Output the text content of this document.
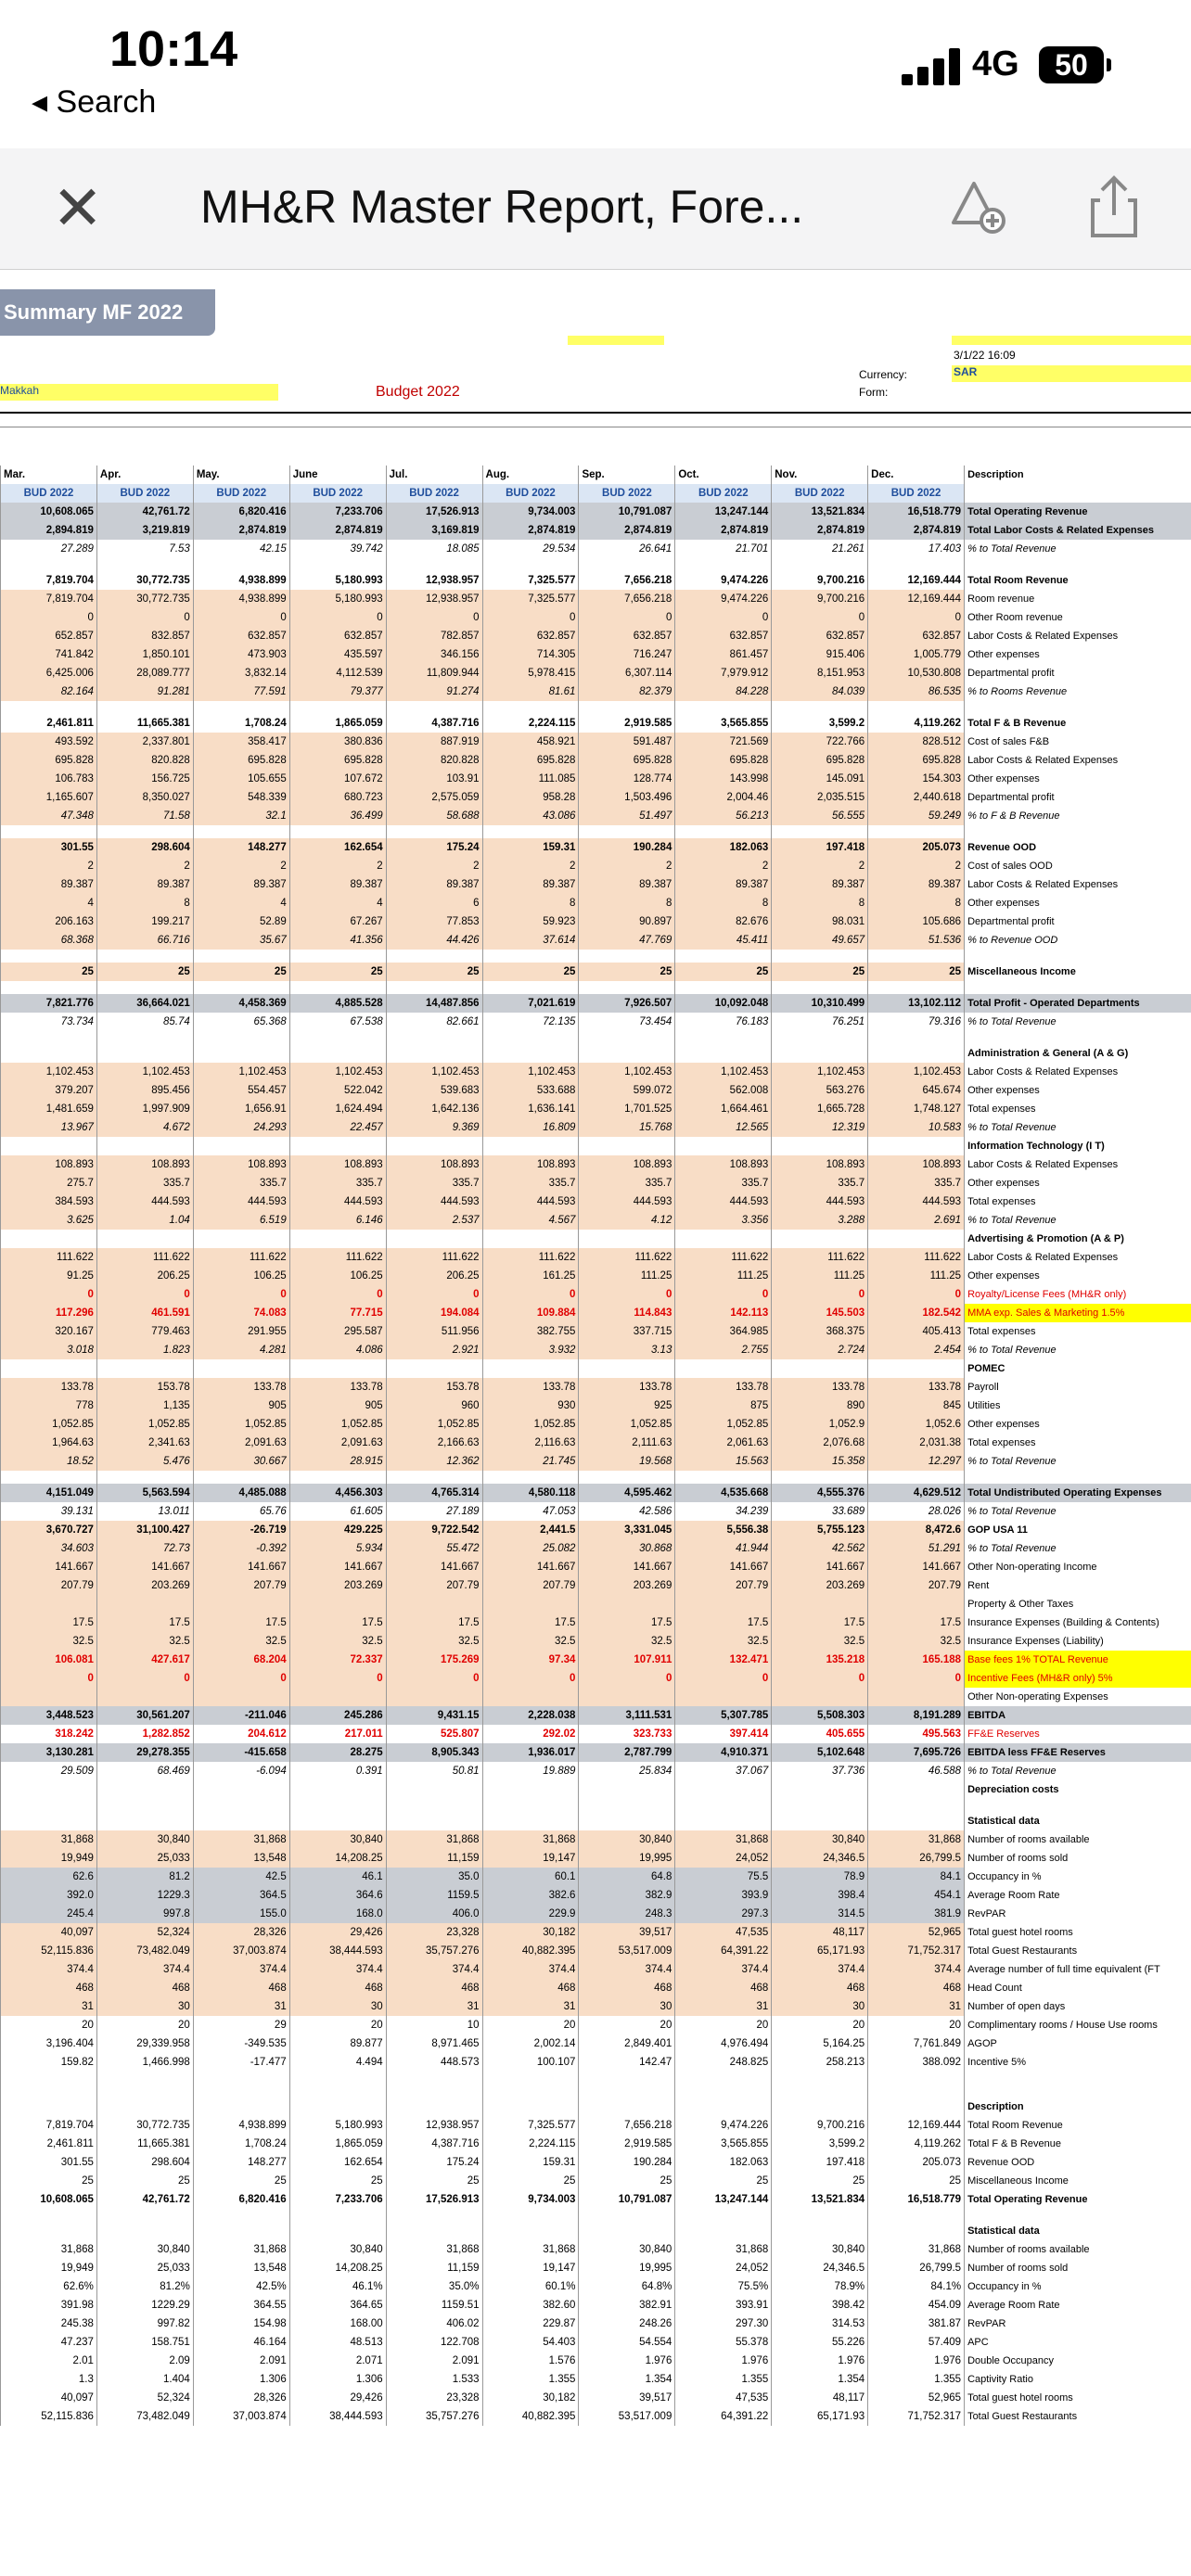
10:14
◂ Search
4G	50
✕ MH&R Master Report, Fore...
Summary MF 2022
3/1/22 16:09
Currency:	SAR
Form:
Makkah	Budget 2022
Mar.	Apr.	May.	June	Jul.	Aug.	Sep.	Oct.	Nov.	Dec.	Description
BUD 2022	BUD 2022	BUD 2022	BUD 2022	BUD 2022	BUD 2022	BUD 2022	BUD 2022	BUD 2022	BUD 2022	
10,608.065	42,761.72	6,820.416	7,233.706	17,526.913	9,734.003	10,791.087	13,247.144	13,521.834	16,518.779	Total Operating Revenue
2,894.819	3,219.819	2,874.819	2,874.819	3,169.819	2,874.819	2,874.819	2,874.819	2,874.819	2,874.819	Total Labor Costs & Related Expenses
27.289	7.53	42.15	39.742	18.085	29.534	26.641	21.701	21.261	17.403	% to Total Revenue

7,819.704	30,772.735	4,938.899	5,180.993	12,938.957	7,325.577	7,656.218	9,474.226	9,700.216	12,169.444	Total Room Revenue
7,819.704	30,772.735	4,938.899	5,180.993	12,938.957	7,325.577	7,656.218	9,474.226	9,700.216	12,169.444	Room revenue
0	0	0	0	0	0	0	0	0	0	Other Room revenue
652.857	832.857	632.857	632.857	782.857	632.857	632.857	632.857	632.857	632.857	Labor Costs & Related Expenses
741.842	1,850.101	473.903	435.597	346.156	714.305	716.247	861.457	915.406	1,005.779	Other expenses
6,425.006	28,089.777	3,832.14	4,112.539	11,809.944	5,978.415	6,307.114	7,979.912	8,151.953	10,530.808	Departmental profit
82.164	91.281	77.591	79.377	91.274	81.61	82.379	84.228	84.039	86.535	% to Rooms Revenue

2,461.811	11,665.381	1,708.24	1,865.059	4,387.716	2,224.115	2,919.585	3,565.855	3,599.2	4,119.262	Total F & B Revenue
493.592	2,337.801	358.417	380.836	887.919	458.921	591.487	721.569	722.766	828.512	Cost of sales F&B
695.828	820.828	695.828	695.828	820.828	695.828	695.828	695.828	695.828	695.828	Labor Costs & Related Expenses
106.783	156.725	105.655	107.672	103.91	111.085	128.774	143.998	145.091	154.303	Other expenses
1,165.607	8,350.027	548.339	680.723	2,575.059	958.28	1,503.496	2,004.46	2,035.515	2,440.618	Departmental profit
47.348	71.58	32.1	36.499	58.688	43.086	51.497	56.213	56.555	59.249	% to F & B Revenue

301.55	298.604	148.277	162.654	175.24	159.31	190.284	182.063	197.418	205.073	Revenue OOD
2	2	2	2	2	2	2	2	2	2	Cost of sales OOD
89.387	89.387	89.387	89.387	89.387	89.387	89.387	89.387	89.387	89.387	Labor Costs & Related Expenses
4	8	4	4	6	8	8	8	8	8	Other expenses
206.163	199.217	52.89	67.267	77.853	59.923	90.897	82.676	98.031	105.686	Departmental profit
68.368	66.716	35.67	41.356	44.426	37.614	47.769	45.411	49.657	51.536	% to Revenue OOD

25	25	25	25	25	25	25	25	25	25	Miscellaneous Income

7,821.776	36,664.021	4,458.369	4,885.528	14,487.856	7,021.619	7,926.507	10,092.048	10,310.499	13,102.112	Total Profit - Operated Departments
73.734	85.74	65.368	67.538	82.661	72.135	73.454	76.183	76.251	79.316	% to Total Revenue

										Administration & General (A & G)
1,102.453	1,102.453	1,102.453	1,102.453	1,102.453	1,102.453	1,102.453	1,102.453	1,102.453	1,102.453	Labor Costs & Related Expenses
379.207	895.456	554.457	522.042	539.683	533.688	599.072	562.008	563.276	645.674	Other expenses
1,481.659	1,997.909	1,656.91	1,624.494	1,642.136	1,636.141	1,701.525	1,664.461	1,665.728	1,748.127	Total expenses
13.967	4.672	24.293	22.457	9.369	16.809	15.768	12.565	12.319	10.583	% to Total Revenue
										Information Technology (I T)
108.893	108.893	108.893	108.893	108.893	108.893	108.893	108.893	108.893	108.893	Labor Costs & Related Expenses
275.7	335.7	335.7	335.7	335.7	335.7	335.7	335.7	335.7	335.7	Other expenses
384.593	444.593	444.593	444.593	444.593	444.593	444.593	444.593	444.593	444.593	Total expenses
3.625	1.04	6.519	6.146	2.537	4.567	4.12	3.356	3.288	2.691	% to Total Revenue
										Advertising & Promotion (A & P)
111.622	111.622	111.622	111.622	111.622	111.622	111.622	111.622	111.622	111.622	Labor Costs & Related Expenses
91.25	206.25	106.25	106.25	206.25	161.25	111.25	111.25	111.25	111.25	Other expenses
0	0	0	0	0	0	0	0	0	0	Royalty/License Fees (MH&R only)
117.296	461.591	74.083	77.715	194.084	109.884	114.843	142.113	145.503	182.542	MMA exp. Sales & Marketing 1.5%
320.167	779.463	291.955	295.587	511.956	382.755	337.715	364.985	368.375	405.413	Total expenses
3.018	1.823	4.281	4.086	2.921	3.932	3.13	2.755	2.724	2.454	% to Total Revenue
										POMEC
133.78	153.78	133.78	133.78	153.78	133.78	133.78	133.78	133.78	133.78	Payroll
778	1,135	905	905	960	930	925	875	890	845	Utilities
1,052.85	1,052.85	1,052.85	1,052.85	1,052.85	1,052.85	1,052.85	1,052.85	1,052.9	1,052.6	Other expenses
1,964.63	2,341.63	2,091.63	2,091.63	2,166.63	2,116.63	2,111.63	2,061.63	2,076.68	2,031.38	Total expenses
18.52	5.476	30.667	28.915	12.362	21.745	19.568	15.563	15.358	12.297	% to Total Revenue

4,151.049	5,563.594	4,485.088	4,456.303	4,765.314	4,580.118	4,595.462	4,535.668	4,555.376	4,629.512	Total Undistributed Operating Expenses
39.131	13.011	65.76	61.605	27.189	47.053	42.586	34.239	33.689	28.026	% to Total Revenue
3,670.727	31,100.427	-26.719	429.225	9,722.542	2,441.5	3,331.045	5,556.38	5,755.123	8,472.6	GOP USA 11
34.603	72.73	-0.392	5.934	55.472	25.082	30.868	41.944	42.562	51.291	% to Total Revenue
141.667	141.667	141.667	141.667	141.667	141.667	141.667	141.667	141.667	141.667	Other Non-operating Income
207.79	203.269	207.79	203.269	207.79	207.79	203.269	207.79	203.269	207.79	Rent
										Property & Other Taxes
17.5	17.5	17.5	17.5	17.5	17.5	17.5	17.5	17.5	17.5	Insurance Expenses (Building & Contents)
32.5	32.5	32.5	32.5	32.5	32.5	32.5	32.5	32.5	32.5	Insurance Expenses (Liability)
106.081	427.617	68.204	72.337	175.269	97.34	107.911	132.471	135.218	165.188	Base fees 1% TOTAL Revenue
0	0	0	0	0	0	0	0	0	0	Incentive Fees (MH&R only) 5%
										Other Non-operating Expenses
3,448.523	30,561.207	-211.046	245.286	9,431.15	2,228.038	3,111.531	5,307.785	5,508.303	8,191.289	EBITDA
318.242	1,282.852	204.612	217.011	525.807	292.02	323.733	397.414	405.655	495.563	FF&E Reserves
3,130.281	29,278.355	-415.658	28.275	8,905.343	1,936.017	2,787.799	4,910.371	5,102.648	7,695.726	EBITDA less FF&E Reserves
29.509	68.469	-6.094	0.391	50.81	19.889	25.834	37.067	37.736	46.588	% to Total Revenue
										Depreciation costs

										Statistical data
31,868	30,840	31,868	30,840	31,868	31,868	30,840	31,868	30,840	31,868	Number of rooms available
19,949	25,033	13,548	14,208.25	11,159	19,147	19,995	24,052	24,346.5	26,799.5	Number of rooms sold
62.6	81.2	42.5	46.1	35.0	60.1	64.8	75.5	78.9	84.1	Occupancy in %
392.0	1229.3	364.5	364.6	1159.5	382.6	382.9	393.9	398.4	454.1	Average Room Rate
245.4	997.8	155.0	168.0	406.0	229.9	248.3	297.3	314.5	381.9	RevPAR
40,097	52,324	28,326	29,426	23,328	30,182	39,517	47,535	48,117	52,965	Total guest hotel rooms
52,115.836	73,482.049	37,003.874	38,444.593	35,757.276	40,882.395	53,517.009	64,391.22	65,171.93	71,752.317	Total Guest Restaurants
374.4	374.4	374.4	374.4	374.4	374.4	374.4	374.4	374.4	374.4	Average number of full time equivalent (FT
468	468	468	468	468	468	468	468	468	468	Head Count
31	30	31	30	31	31	30	31	30	31	Number of open days
20	20	29	20	10	20	20	20	20	20	Complimentary rooms / House Use rooms
3,196.404	29,339.958	-349.535	89.877	8,971.465	2,002.14	2,849.401	4,976.494	5,164.25	7,761.849	AGOP
159.82	1,466.998	-17.477	4.494	448.573	100.107	142.47	248.825	258.213	388.092	Incentive 5%

										Description
7,819.704	30,772.735	4,938.899	5,180.993	12,938.957	7,325.577	7,656.218	9,474.226	9,700.216	12,169.444	Total Room Revenue
2,461.811	11,665.381	1,708.24	1,865.059	4,387.716	2,224.115	2,919.585	3,565.855	3,599.2	4,119.262	Total F & B Revenue
301.55	298.604	148.277	162.654	175.24	159.31	190.284	182.063	197.418	205.073	Revenue OOD
25	25	25	25	25	25	25	25	25	25	Miscellaneous Income
10,608.065	42,761.72	6,820.416	7,233.706	17,526.913	9,734.003	10,791.087	13,247.144	13,521.834	16,518.779	Total Operating Revenue

										Statistical data
31,868	30,840	31,868	30,840	31,868	31,868	30,840	31,868	30,840	31,868	Number of rooms available
19,949	25,033	13,548	14,208.25	11,159	19,147	19,995	24,052	24,346.5	26,799.5	Number of rooms sold
62.6%	81.2%	42.5%	46.1%	35.0%	60.1%	64.8%	75.5%	78.9%	84.1%	Occupancy in %
391.98	1229.29	364.55	364.65	1159.51	382.60	382.91	393.91	398.42	454.09	Average Room Rate
245.38	997.82	154.98	168.00	406.02	229.87	248.26	297.30	314.53	381.87	RevPAR
47.237	158.751	46.164	48.513	122.708	54.403	54.554	55.378	55.226	57.409	APC
2.01	2.09	2.091	2.071	2.091	1.576	1.976	1.976	1.976	1.976	Double Occupancy
1.3	1.404	1.306	1.306	1.533	1.355	1.354	1.355	1.354	1.355	Captivity Ratio
40,097	52,324	28,326	29,426	23,328	30,182	39,517	47,535	48,117	52,965	Total guest hotel rooms
52,115.836	73,482.049	37,003.874	38,444.593	35,757.276	40,882.395	53,517.009	64,391.22	65,171.93	71,752.317	Total Guest Restaurants
